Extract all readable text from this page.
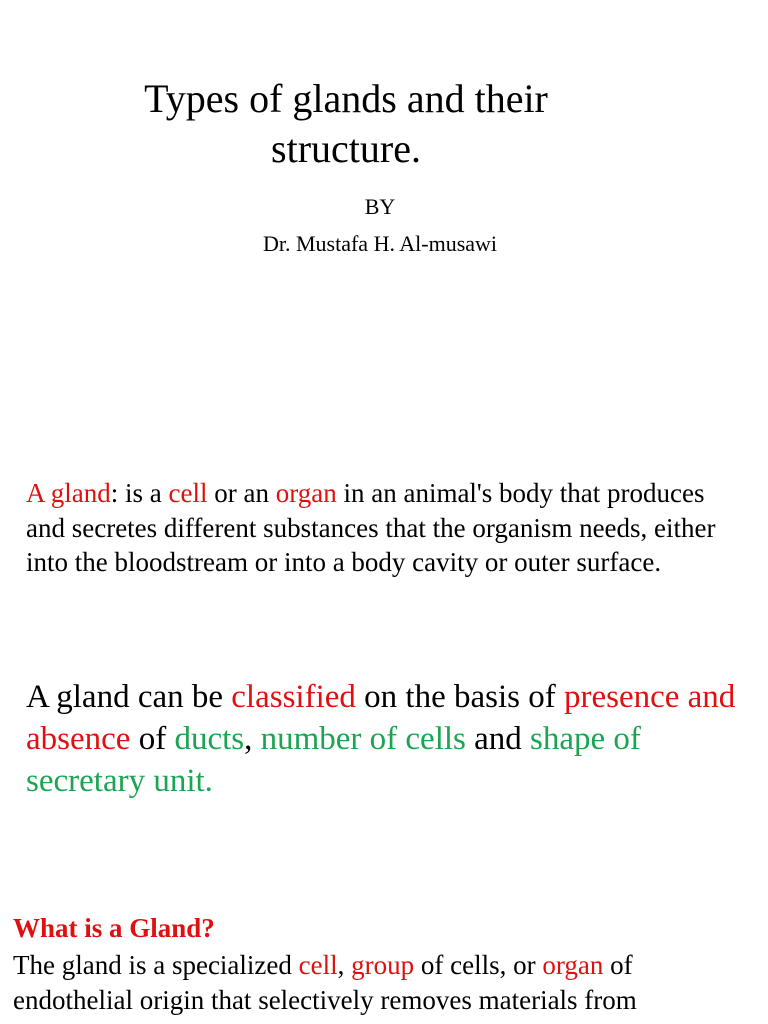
Types of glands and their
structure.
BY
Dr. Mustafa H. Al-musawi

A gland: is a cell or an organ in an animal's body that produces and secretes different substances that the organism needs, either into the bloodstream or into a body cavity or outer surface.

A gland can be classified on the basis of presence and absence of ducts, number of cells and shape of secretary unit.

What is a Gland?

The gland is a specialized cell, group of cells, or organ of endothelial origin that selectively removes materials from
